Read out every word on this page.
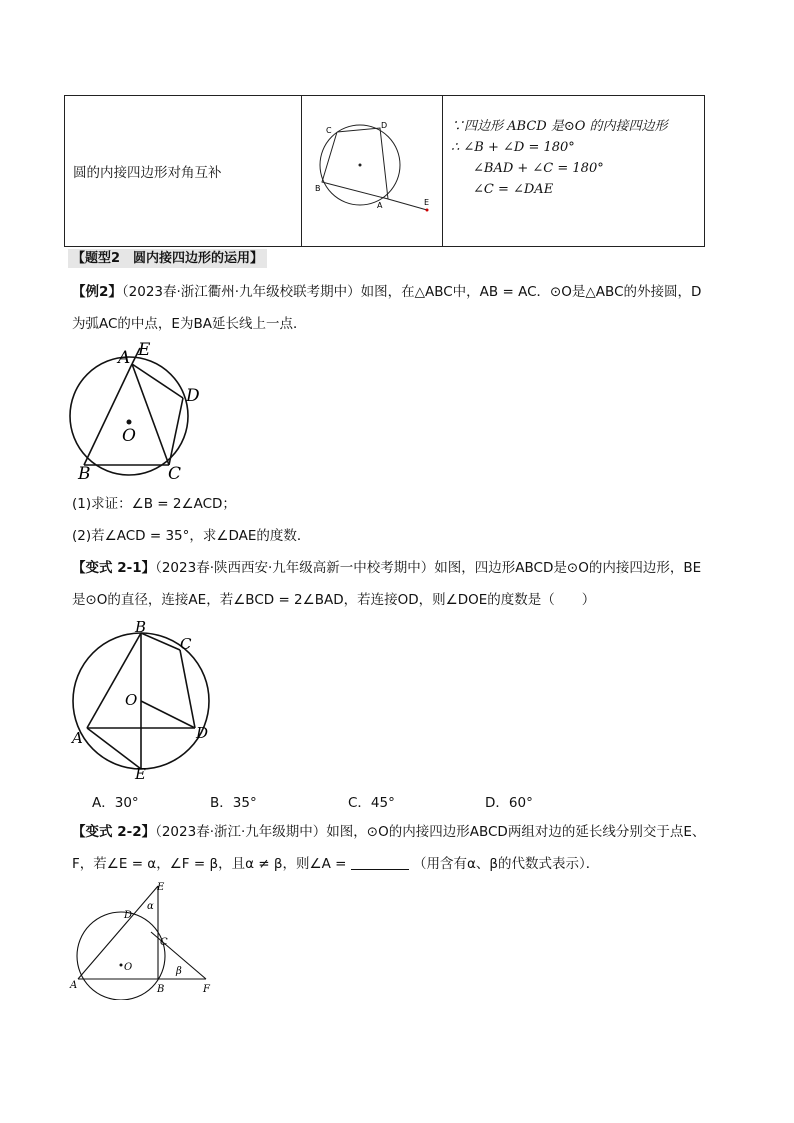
圆的内接四边形对角互补	
C
D
B
A	E

∵四边形 ABCD 是⊙O 的内接四边形
∴ ∠B + ∠D = 180°
∠BAD + ∠C = 180°
∠C = ∠DAE
【题型2　圆内接四边形的运用】
【例2】（2023春·浙江衢州·九年级校联考期中）如图，在△ABC中，AB = AC．⊙O是△ABC的外接圆，D
为弧AC的中点，E为BA延长线上一点．
A E
D
O
B	C
(1)求证：∠B = 2∠ACD；
(2)若∠ACD = 35°，求∠DAE的度数．
【变式 2-1】（2023春·陕西西安·九年级高新一中校考期中）如图，四边形ABCD是⊙O的内接四边形，BE
是⊙O的直径，连接AE，若∠BCD = 2∠BAD，若连接OD，则∠DOE的度数是（　　）
B
C
O
A	D
E
A．30°	B．35°	C．45°	D．60°
【变式 2-2】（2023春·浙江·九年级期中）如图，⊙O的内接四边形ABCD两组对边的延长线分别交于点E、
F，若∠E = α，∠F = β，且α ≠ β，则∠A =	（用含有α、β的代数式表示）．
E
α
D
C
O	β
A	B	F
